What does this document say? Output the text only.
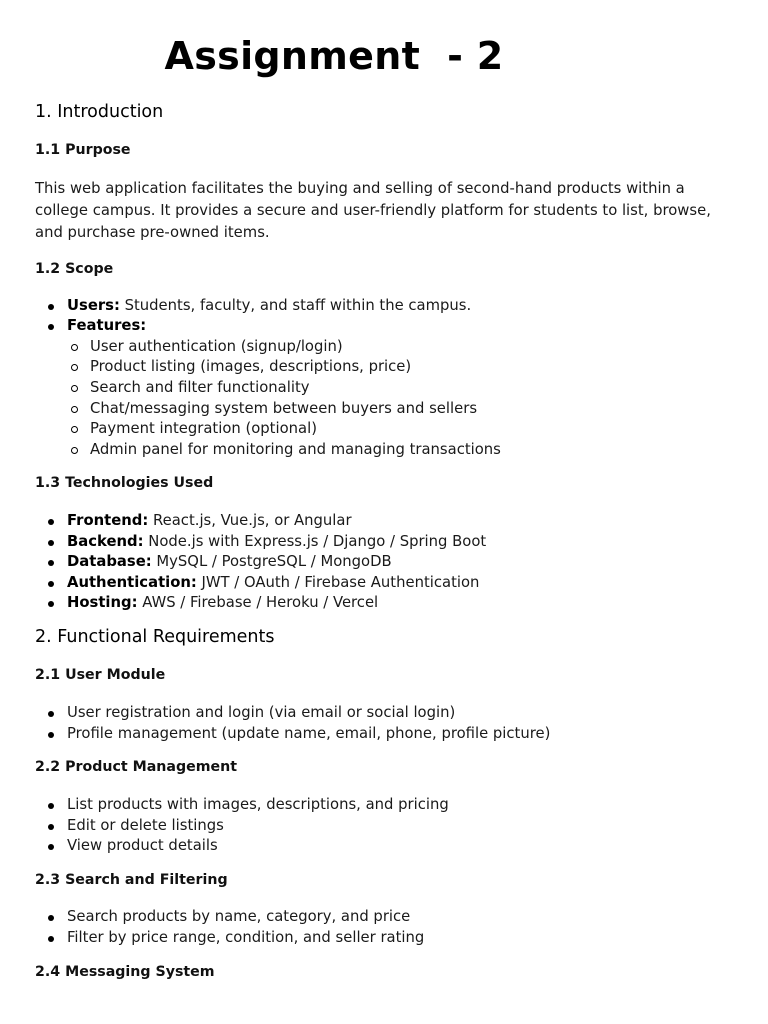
Assignment  - 2
1. Introduction
1.1 Purpose
This web application facilitates the buying and selling of second-hand products within a college campus. It provides a secure and user-friendly platform for students to list, browse, and purchase pre-owned items.
1.2 Scope
Users: Students, faculty, and staff within the campus.
Features:
User authentication (signup/login)
Product listing (images, descriptions, price)
Search and filter functionality
Chat/messaging system between buyers and sellers
Payment integration (optional)
Admin panel for monitoring and managing transactions
1.3 Technologies Used
Frontend: React.js, Vue.js, or Angular
Backend: Node.js with Express.js / Django / Spring Boot
Database: MySQL / PostgreSQL / MongoDB
Authentication: JWT / OAuth / Firebase Authentication
Hosting: AWS / Firebase / Heroku / Vercel
2. Functional Requirements
2.1 User Module
User registration and login (via email or social login)
Profile management (update name, email, phone, profile picture)
2.2 Product Management
List products with images, descriptions, and pricing
Edit or delete listings
View product details
2.3 Search and Filtering
Search products by name, category, and price
Filter by price range, condition, and seller rating
2.4 Messaging System
